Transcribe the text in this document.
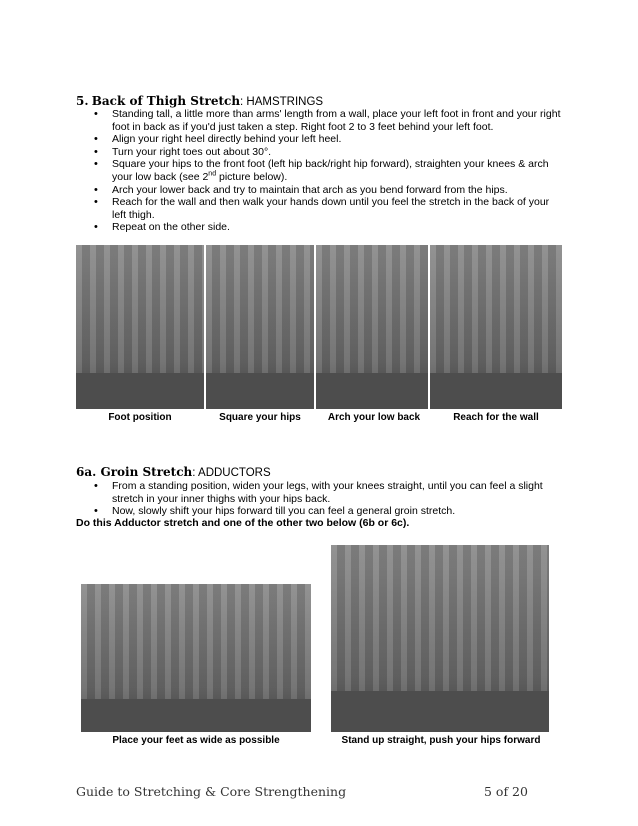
5. Back of Thigh Stretch: HAMSTRINGS
• Standing tall, a little more than arms' length from a wall, place your left foot in front and your right foot in back as if you'd just taken a step. Right foot 2 to 3 feet behind your left foot.
• Align your right heel directly behind your left heel.
• Turn your right toes out about 30°.
• Square your hips to the front foot (left hip back/right hip forward), straighten your knees & arch
your low back (see 2nd picture below).
• Arch your lower back and try to maintain that arch as you bend forward from the hips.
• Reach for the wall and then walk your hands down until you feel the stretch in the back of your left thigh.
• Repeat on the other side.
Foot position	Square your hips	Arch your low back	Reach for the wall
6a. Groin Stretch: ADDUCTORS
• From a standing position, widen your legs, with your knees straight, until you can feel a slight stretch in your inner thighs with your hips back.
• Now, slowly shift your hips forward till you can feel a general groin stretch.
Do this Adductor stretch and one of the other two below (6b or 6c).
Place your feet as wide as possible	Stand up straight, push your hips forward
Guide to Stretching & Core Strengthening	5 of 20
